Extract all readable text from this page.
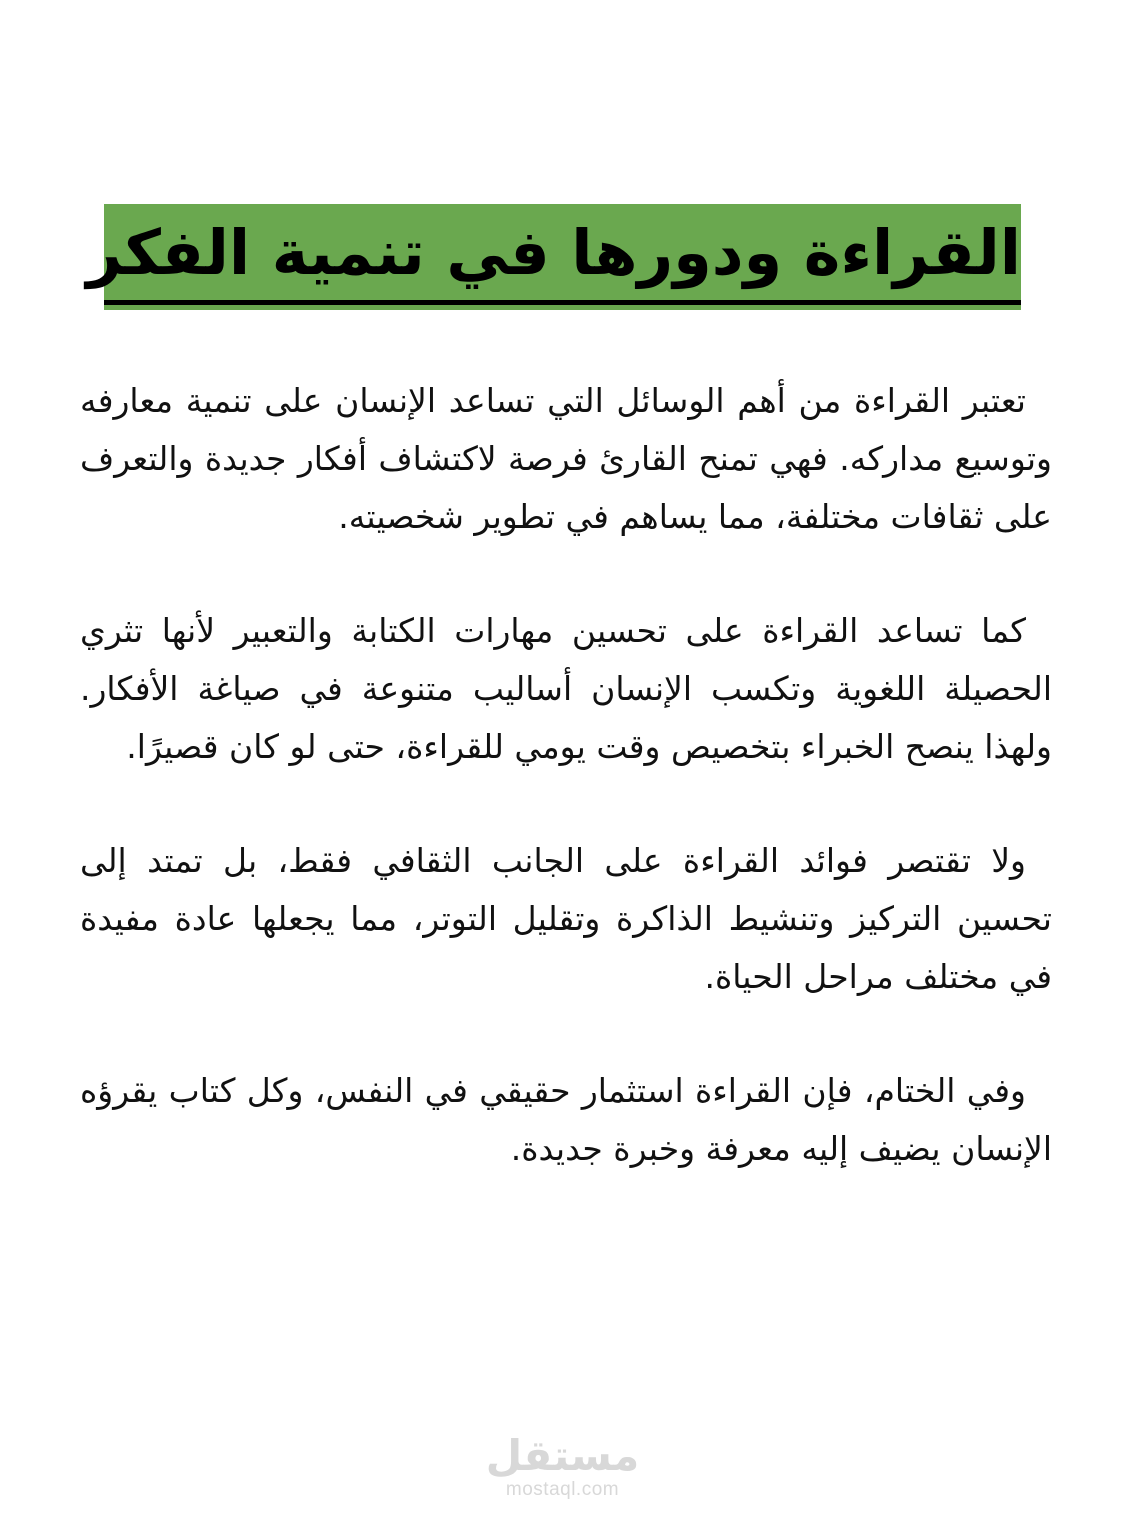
القراءة ودورها في تنمية الفكر

تعتبر القراءة من أهم الوسائل التي تساعد الإنسان على تنمية معارفه وتوسيع مداركه. فهي تمنح القارئ فرصة لاكتشاف أفكار جديدة والتعرف على ثقافات مختلفة، مما يساهم في تطوير شخصيته.

كما تساعد القراءة على تحسين مهارات الكتابة والتعبير لأنها تثري الحصيلة اللغوية وتكسب الإنسان أساليب متنوعة في صياغة الأفكار. ولهذا ينصح الخبراء بتخصيص وقت يومي للقراءة، حتى لو كان قصيرًا.

ولا تقتصر فوائد القراءة على الجانب الثقافي فقط، بل تمتد إلى تحسين التركيز وتنشيط الذاكرة وتقليل التوتر، مما يجعلها عادة مفيدة في مختلف مراحل الحياة.

وفي الختام، فإن القراءة استثمار حقيقي في النفس، وكل كتاب يقرؤه الإنسان يضيف إليه معرفة وخبرة جديدة.

مستقل
mostaql.com
